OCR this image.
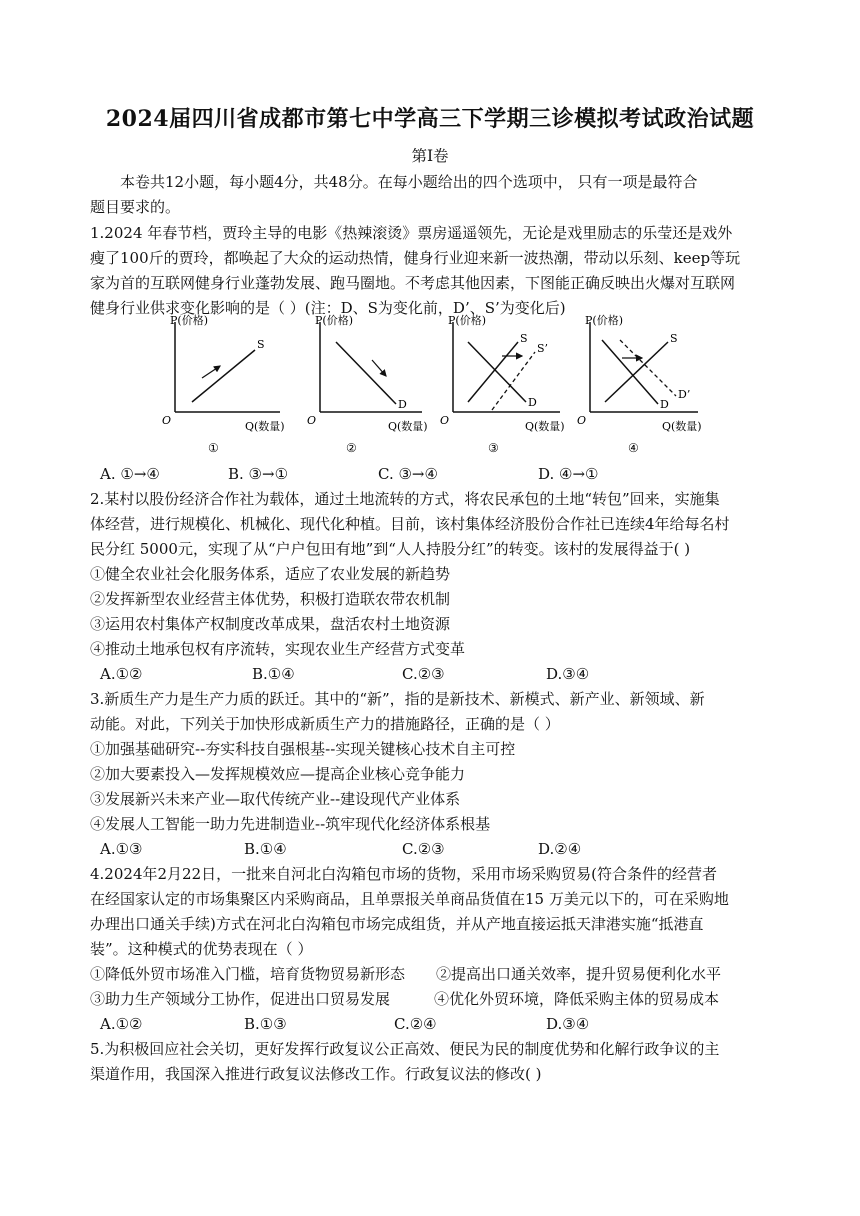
2024届四川省成都市第七中学高三下学期三诊模拟考试政治试题
第Ⅰ卷
本卷共12小题，每小题4分，共48分。在每小题给出的四个选项中， 只有一项是最符合
题目要求的。
1.2024 年春节档，贾玲主导的电影《热辣滚烫》票房遥遥领先，无论是戏里励志的乐莹还是戏外
瘦了100斤的贾玲，都唤起了大众的运动热情，健身行业迎来新一波热潮，带动以乐刻、keep等玩
家为首的互联网健身行业蓬勃发展、跑马圈地。不考虑其他因素，下图能正确反映出火爆对互联网
健身行业供求变化影响的是（ ）(注：D、S为变化前，D’、S’为变化后)
P(价格)
O	Q(数量)
S
①
P(价格)
O	Q(数量)
D
②
P(价格)
O	Q(数量)
S
S’
D
③
P(价格)
O	Q(数量)
S
D
D’
④
A. ①→④	B. ③→①	C. ③→④	D. ④→①
2.某村以股份经济合作社为载体，通过土地流转的方式，将农民承包的土地“转包”回来，实施集
体经营，进行规模化、机械化、现代化种植。目前，该村集体经济股份合作社已连续4年给每名村
民分红 5000元，实现了从“户户包田有地”到“人人持股分红”的转变。该村的发展得益于( )
①健全农业社会化服务体系，适应了农业发展的新趋势
②发挥新型农业经营主体优势，积极打造联农带农机制
③运用农村集体产权制度改革成果，盘活农村土地资源
④推动土地承包权有序流转，实现农业生产经营方式变革
A.①②	B.①④	C.②③	D.③④
3.新质生产力是生产力质的跃迁。其中的“新”，指的是新技术、新模式、新产业、新领域、新
动能。对此，下列关于加快形成新质生产力的措施路径，正确的是（ ）
①加强基础研究--夯实科技自强根基--实现关键核心技术自主可控
②加大要素投入—发挥规模效应—提高企业核心竞争能力
③发展新兴未来产业—取代传统产业--建设现代产业体系
④发展人工智能一助力先进制造业--筑牢现代化经济体系根基
A.①③	B.①④	C.②③	D.②④
4.2024年2月22日，一批来自河北白沟箱包市场的货物，采用市场采购贸易(符合条件的经营者
在经国家认定的市场集聚区内采购商品，且单票报关单商品货值在15 万美元以下的，可在采购地
办理出口通关手续)方式在河北白沟箱包市场完成组货，并从产地直接运抵天津港实施“抵港直
装”。这种模式的优势表现在（ ）
①降低外贸市场准入门槛，培育货物贸易新形态 ②提高出口通关效率，提升贸易便利化水平
③助力生产领域分工协作，促进出口贸易发展	④优化外贸环境，降低采购主体的贸易成本
A.①②	B.①③	C.②④	D.③④
5.为积极回应社会关切，更好发挥行政复议公正高效、便民为民的制度优势和化解行政争议的主
渠道作用，我国深入推进行政复议法修改工作。行政复议法的修改( )
